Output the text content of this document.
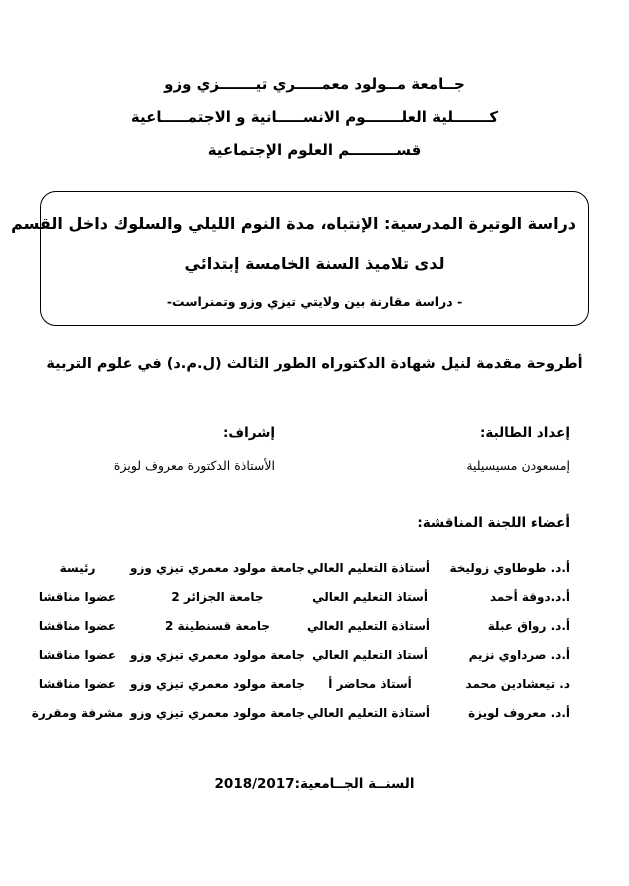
جــامعة مــولود معمـــــري تيـــــــزي وزو
كـــــــلية العلـــــــوم الانســـــانية و الاجتمـــــاعية
قســـــــــم العلوم الإجتماعية
دراسة الوتيرة المدرسية: الإنتباه، مدة النوم الليلي والسلوك داخل القسم
لدى تلاميذ السنة الخامسة إبتدائي
- دراسة مقارنة بين ولايتي تيزي وزو وتمنراست-
أطروحة مقدمة لنيل شهادة الدكتوراه الطور الثالث (ل.م.د) في علوم التربية
إعداد الطالبة:
إمسعودن مسيسيلية
إشراف:
الأستاذة الدكتورة معروف لويزة
أعضاء اللجنة المناقشة:
أ.د. طوطاوي زوليخة
أستاذة التعليم العالي
جامعة مولود معمري تيزي وزو
رئيسة
أ.د.دوقة أحمد
أستاذ التعليم العالي
جامعة الجزائر 2
عضوا مناقشا
أ.د. رواق عبلة
أستاذة التعليم العالي
جامعة قسنطينة 2
عضوا مناقشا
أ.د. صرداوي نزيم
أستاذ التعليم العالي
جامعة مولود معمري تيزي وزو
عضوا مناقشا
د. تيعشادين محمد
أستاذ محاضر أ
جامعة مولود معمري تيزي وزو
عضوا مناقشا
أ.د. معروف لويزة
أستاذة التعليم العالي
جامعة مولود معمري تيزي وزو
مشرفة ومقررة
السنــة الجــامعية:2018/2017
